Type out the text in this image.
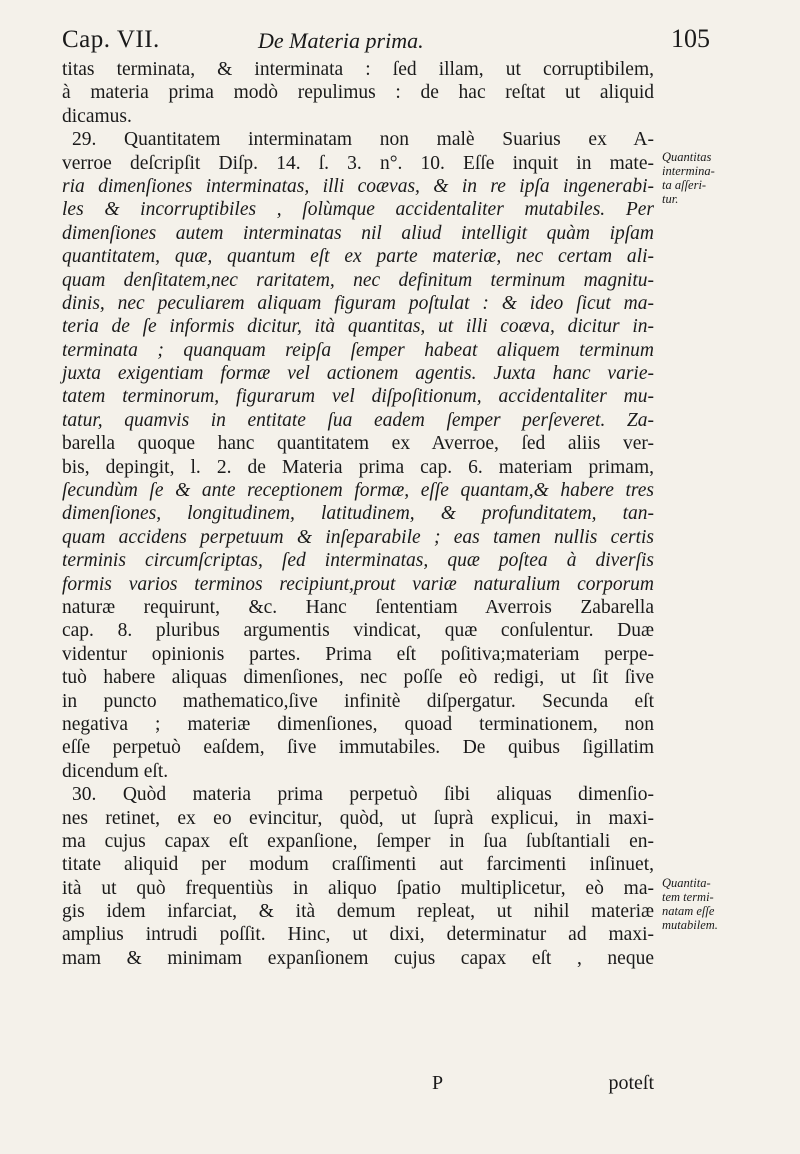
Cap. VII.	De Materia prima.	105
titas terminata, & interminata : ſed illam, ut corruptibilem,
à materia prima modò repulimus : de hac reſtat ut aliquid
dicamus.
29. Quantitatem interminatam non malè Suarius ex A-
verroe deſcripſit Diſp. 14. ſ. 3. n°. 10. Eſſe inquit in mate-
ria dimenſiones interminatas, illi coævas, & in re ipſa ingenerabi-
les & incorruptibiles , ſolùmque accidentaliter mutabiles. Per
dimenſiones autem interminatas nil aliud intelligit quàm ipſam
quantitatem, quæ, quantum eſt ex parte materiæ, nec certam ali-
quam denſitatem,nec raritatem, nec definitum terminum magnitu-
dinis, nec peculiarem aliquam figuram poſtulat : & ideo ſicut ma-
teria de ſe informis dicitur, ità quantitas, ut illi coæva, dicitur in-
terminata ; quanquam reipſa ſemper habeat aliquem terminum
juxta exigentiam formæ vel actionem agentis. Juxta hanc varie-
tatem terminorum, figurarum vel diſpoſitionum, accidentaliter mu-
tatur, quamvis in entitate ſua eadem ſemper perſeveret. Za-
barella quoque hanc quantitatem ex Averroe, ſed aliis ver-
bis, depingit, l. 2. de Materia prima cap. 6. materiam primam,
ſecundùm ſe & ante receptionem formæ, eſſe quantam,& habere tres
dimenſiones, longitudinem, latitudinem, & profunditatem, tan-
quam accidens perpetuum & inſeparabile ; eas tamen nullis certis
terminis circumſcriptas, ſed interminatas, quæ poſtea à diverſis
formis varios terminos recipiunt,prout variæ naturalium corporum
naturæ requirunt, &c. Hanc ſententiam Averrois Zabarella
cap. 8. pluribus argumentis vindicat, quæ conſulentur. Duæ
videntur opinionis partes. Prima eſt poſitiva;materiam perpe-
tuò habere aliquas dimenſiones, nec poſſe eò redigi, ut ſit ſive
in puncto mathematico,ſive infinitè diſpergatur. Secunda eſt
negativa ; materiæ dimenſiones, quoad terminationem, non
eſſe perpetuò eaſdem, ſive immutabiles. De quibus ſigillatim
dicendum eſt.
30. Quòd materia prima perpetuò ſibi aliquas dimenſio-
nes retinet, ex eo evincitur, quòd, ut ſuprà explicui, in maxi-
ma cujus capax eſt expanſione, ſemper in ſua ſubſtantiali en-
titate aliquid per modum craſſimenti aut farcimenti inſinuet,
ità ut quò frequentiùs in aliquo ſpatio multiplicetur, eò ma-
gis idem infarciat, & ità demum repleat, ut nihil materiæ
amplius intrudi poſſit. Hinc, ut dixi, determinatur ad maxi-
mam & minimam expanſionem cujus capax eſt , neque
Quantitas
intermina-
ta aſſeri-
tur.
Quantita-
tem termi-
natam eſſe
mutabilem.
P	poteſt
